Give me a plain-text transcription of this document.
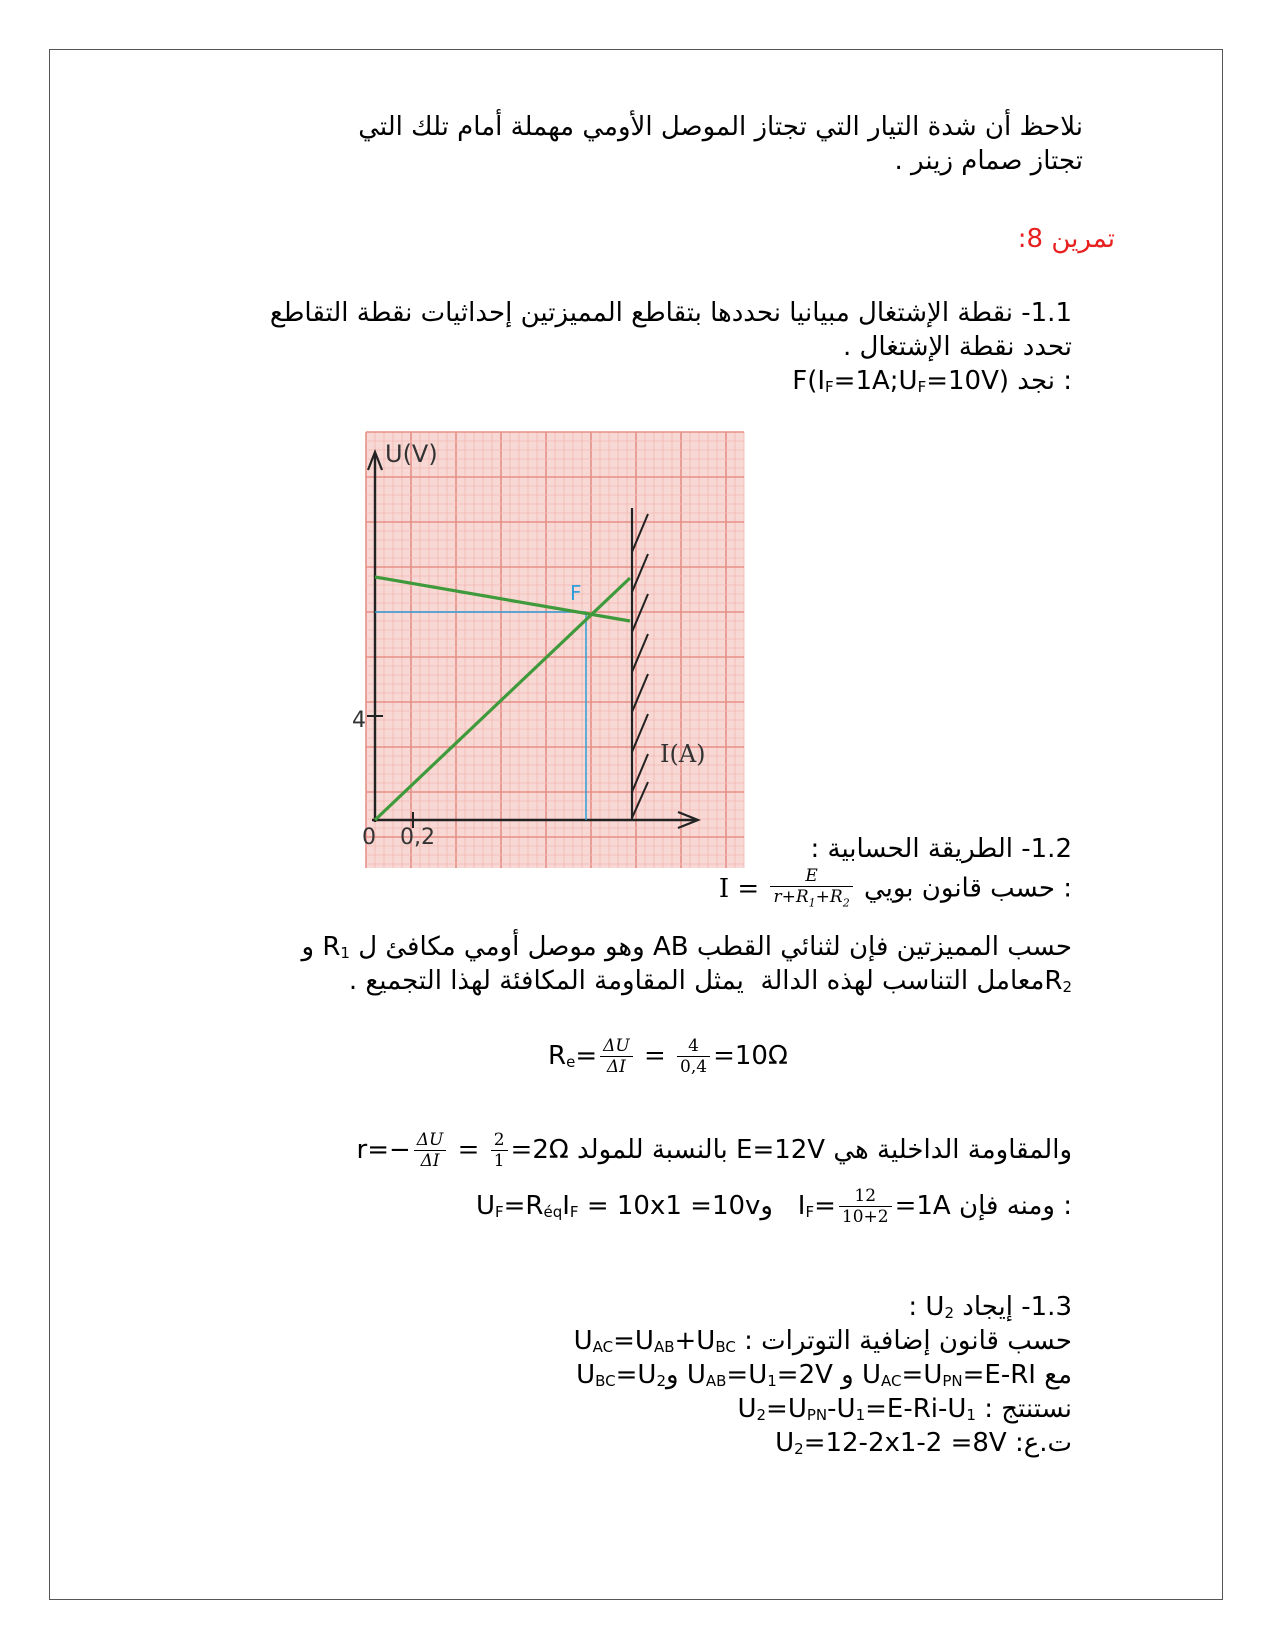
نلاحظ أن شدة التيار التي تجتاز الموصل الأومي مهملة أمام تلك التي
تجتاز صمام زينر .
تمرين 8:
1.1- نقطة الإشتغال مبيانيا نحددها بتقاطع المميزتين إحداثيات نقطة التقاطع
تحدد نقطة الإشتغال .
$F(I_F=1A;U_F=10V)$ نجد :
U(V)
I(A)
0 0,2
4
F
1.2- الطريقة الحسابية :
$I = \frac{E}{r+R_1+R_2}$ حسب قانون بويي :
حسب المميزتين فإن لثنائي القطب AB وهو موصل أومي مكافئ ل $R_1$ و
$R_2معامل$ التناسب لهذه الدالة  يمثل المقاومة المكافئة لهذا التجميع .
$R_e= \frac{\Delta U}{\Delta I} = \frac{4}{0,4} =10\Omega$
$r=- \frac{\Delta U}{\Delta I} = \frac{2}{1} =2\Omega$ بالنسبة للمولد E=12V والمقاومة الداخلية هي
$U_F=R_{éq}I_F = 10x1$ =10vو   $I_F= \frac{12}{10+2} =1A$ ومنه فإن :
1.3- إيجاد $U_2$ :
حسب قانون إضافية التوترات : $U_{AC}=U_{AB}+U_{BC}$
مع $U_{AC}=U_{PN}=E-RI$ و $U_{AB}=U_1=2V$ $وU_{BC}=U_2$
نستنتج : $U_2=U_{PN}-U_1=E-Ri-U_1$
ت.ع: $U_2=12-2x1-2 =8V$
